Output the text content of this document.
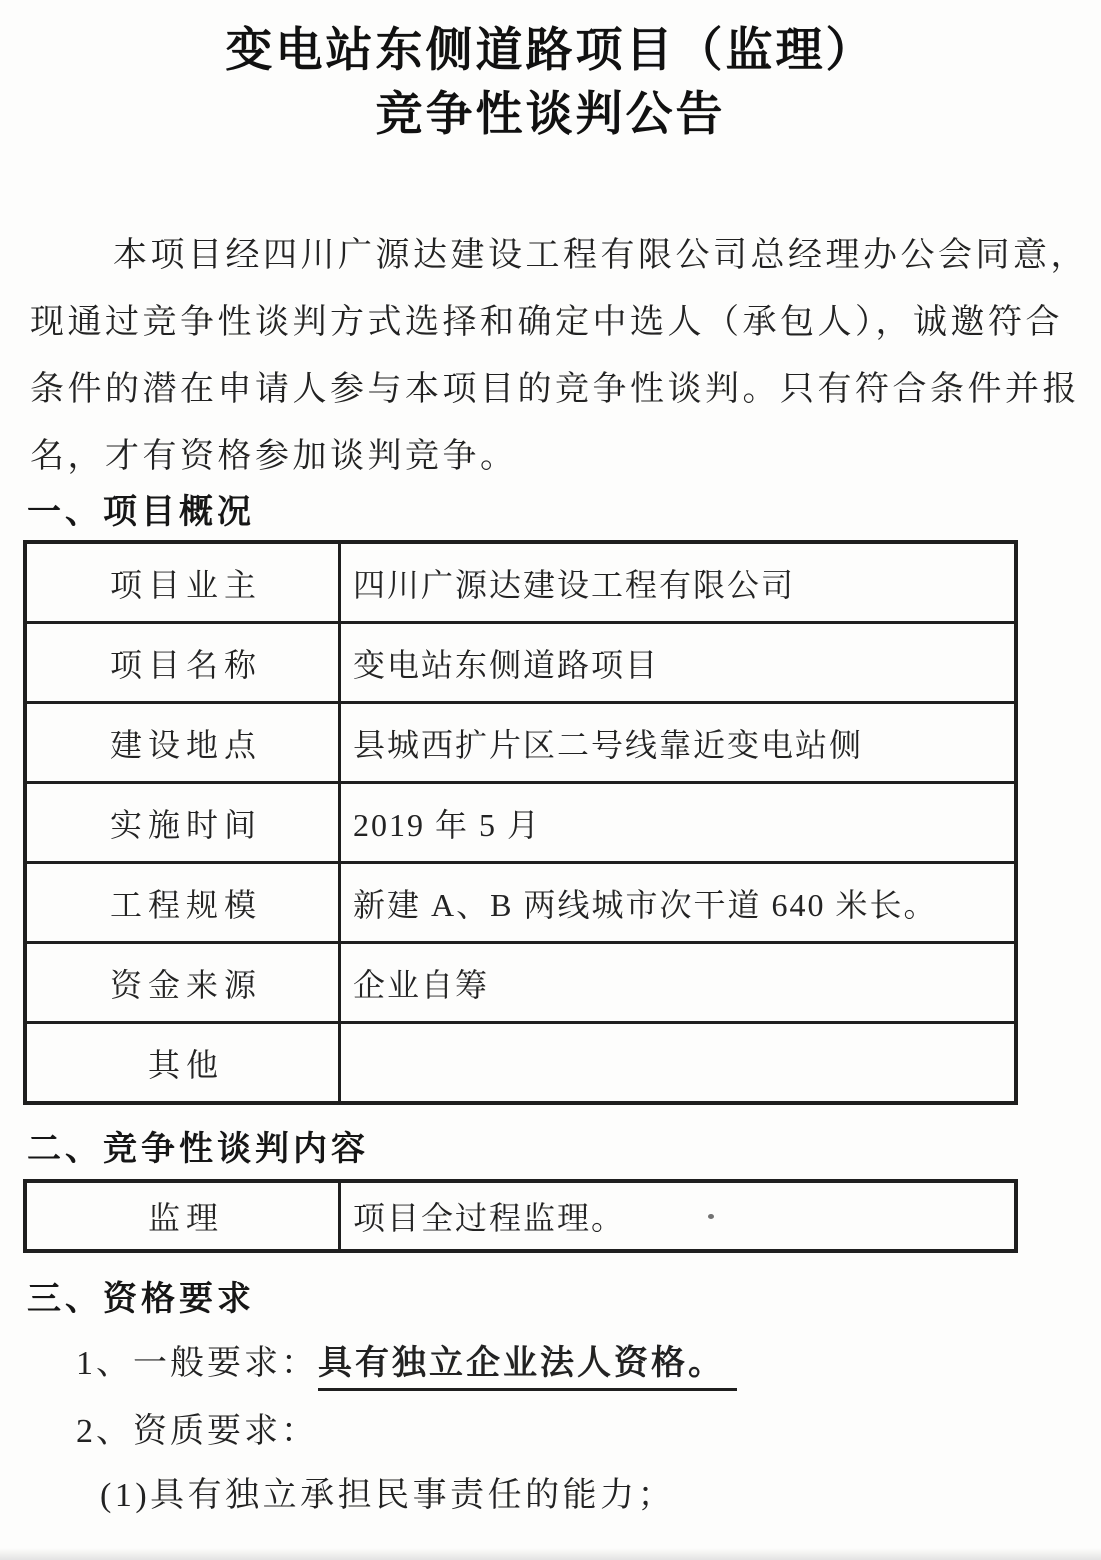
变电站东侧道路项目（监理）
竞争性谈判公告
本项目经四川广源达建设工程有限公司总经理办公会同意，
现通过竞争性谈判方式选择和确定中选人（承包人），诚邀符合
条件的潜在申请人参与本项目的竞争性谈判。只有符合条件并报
名，才有资格参加谈判竞争。
一、项目概况
项目业主	四川广源达建设工程有限公司
项目名称	变电站东侧道路项目
建设地点	县城西扩片区二号线靠近变电站侧
实施时间	2019 年 5 月
工程规模	新建 A、B 两线城市次干道 640 米长。
资金来源	企业自筹
其他	
二、竞争性谈判内容
监理	项目全过程监理。
三、资格要求
1、一般要求：具有独立企业法人资格。
2、资质要求：
(1)具有独立承担民事责任的能力；
